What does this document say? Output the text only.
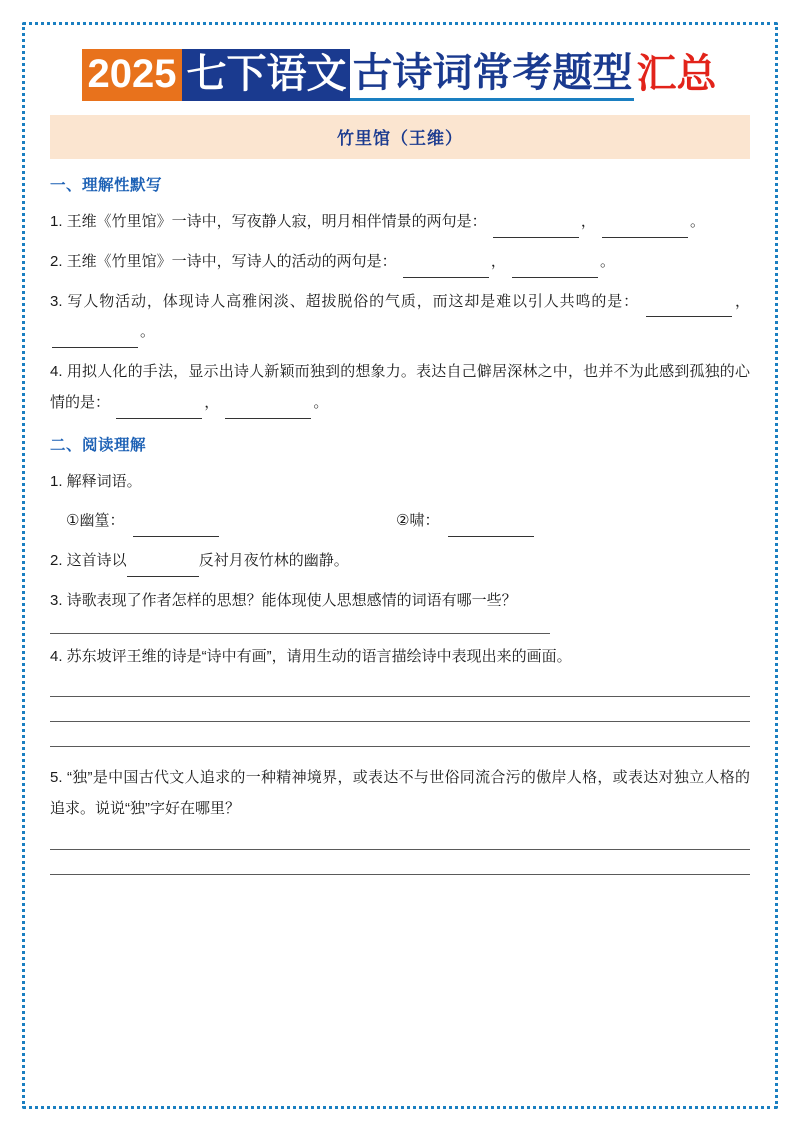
2025 七下语文 古诗词常考题型 汇总
竹里馆（王维）
一、理解性默写

1. 王维《竹里馆》一诗中，写夜静人寂，明月相伴情景的两句是：	，	。

2. 王维《竹里馆》一诗中，写诗人的活动的两句是：	，	。

3. 写人物活动，体现诗人高雅闲淡、超拔脱俗的气质，而这却是难以引人共鸣的是：	， 。

4. 用拟人化的手法，显示出诗人新颖而独到的想象力。表达自己僻居深林之中，也并不为此感到孤独的心情的是：	，	。

二、阅读理解

1. 解释词语。

①幽篁：	②啸：

2. 这首诗以	反衬月夜竹林的幽静。

3. 诗歌表现了作者怎样的思想？能体现使人思想感情的词语有哪一些？

4. 苏东坡评王维的诗是“诗中有画”，请用生动的语言描绘诗中表现出来的画面。

5. “独”是中国古代文人追求的一种精神境界，或表达不与世俗同流合污的傲岸人格，或表达对独立人格的追求。说说“独”字好在哪里？
